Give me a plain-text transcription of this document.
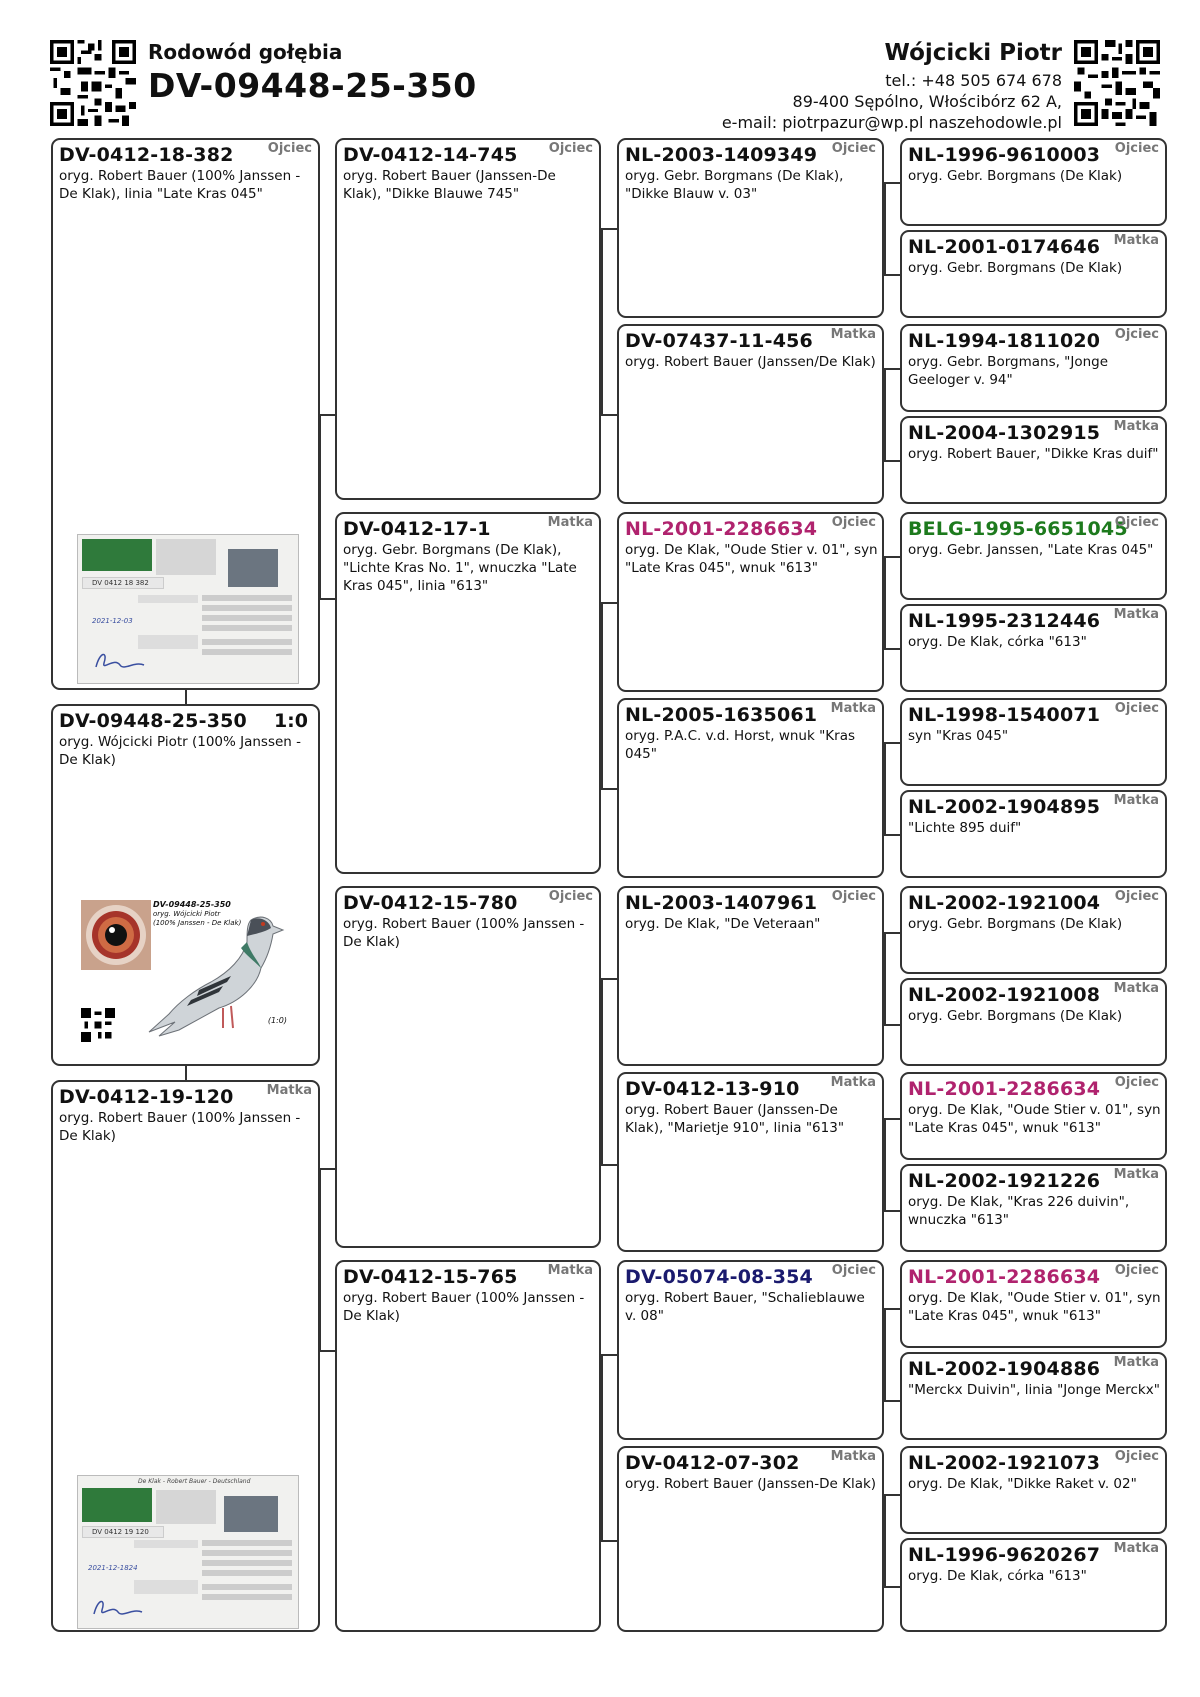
Rodowód gołębia
DV-09448-25-350
Wójcicki Piotr
tel.: +48 505 674 678
89-400 Sępólno, Włościbórz 62 A,
e-mail: piotrpazur@wp.pl naszehodowle.pl
DV-0412-18-382	Ojciec
oryg. Robert Bauer (100% Janssen - De Klak), linia "Late Kras 045"
DV 0412 18 382
2021-12-03
DV-09448-25-350 1:0
oryg. Wójcicki Piotr (100% Janssen - De Klak)
DV-09448-25-350
oryg. Wójcicki Piotr
(100% Janssen - De Klak)
(1:0)
DV-0412-19-120	Matka
oryg. Robert Bauer (100% Janssen - De Klak)
De Klak - Robert Bauer - Deutschland
DV 0412 19 120
2021-12-1824
DV-0412-14-745 Ojciec
oryg. Robert Bauer (Janssen-De Klak), "Dikke Blauwe 745"
DV-0412-17-1	Matka
oryg. Gebr. Borgmans (De Klak), "Lichte Kras No. 1", wnuczka "Late Kras 045", linia "613"
DV-0412-15-780 Ojciec
oryg. Robert Bauer (100% Janssen - De Klak)
DV-0412-15-765 Matka
oryg. Robert Bauer (100% Janssen - De Klak)
NL-2003-1409349 Ojciec
oryg. Gebr. Borgmans (De Klak), "Dikke Blauw v. 03"
DV-07437-11-456 Matka
oryg. Robert Bauer (Janssen/De Klak)
NL-2001-2286634 Ojciec
oryg. De Klak, "Oude Stier v. 01", syn "Late Kras 045", wnuk "613"
NL-2005-1635061 Matka
oryg. P.A.C. v.d. Horst, wnuk "Kras 045"
NL-2003-1407961 Ojciec
oryg. De Klak, "De Veteraan"
DV-0412-13-910 Matka
oryg. Robert Bauer (Janssen-De Klak), "Marietje 910", linia "613"
DV-05074-08-354 Ojciec
oryg. Robert Bauer, "Schalieblauwe v. 08"
DV-0412-07-302 Matka
oryg. Robert Bauer (Janssen-De Klak)
NL-1996-9610003 Ojciec
oryg. Gebr. Borgmans (De Klak)
NL-2001-0174646 Matka
oryg. Gebr. Borgmans (De Klak)
NL-1994-1811020 Ojciec
oryg. Gebr. Borgmans, "Jonge Geeloger v. 94"
NL-2004-1302915 Matka
oryg. Robert Bauer, "Dikke Kras duif"
BELG-1995-6651045
Ojciec
oryg. Gebr. Janssen, "Late Kras 045"
NL-1995-2312446 Matka
oryg. De Klak, córka "613"
NL-1998-1540071 Ojciec
syn "Kras 045"
NL-2002-1904895 Matka
"Lichte 895 duif"
NL-2002-1921004 Ojciec
oryg. Gebr. Borgmans (De Klak)
NL-2002-1921008 Matka
oryg. Gebr. Borgmans (De Klak)
NL-2001-2286634 Ojciec
oryg. De Klak, "Oude Stier v. 01", syn "Late Kras 045", wnuk "613"
NL-2002-1921226 Matka
oryg. De Klak, "Kras 226 duivin", wnuczka "613"
NL-2001-2286634 Ojciec
oryg. De Klak, "Oude Stier v. 01", syn "Late Kras 045", wnuk "613"
NL-2002-1904886 Matka
"Merckx Duivin", linia "Jonge Merckx"
NL-2002-1921073 Ojciec
oryg. De Klak, "Dikke Raket v. 02"
NL-1996-9620267 Matka
oryg. De Klak, córka "613"
